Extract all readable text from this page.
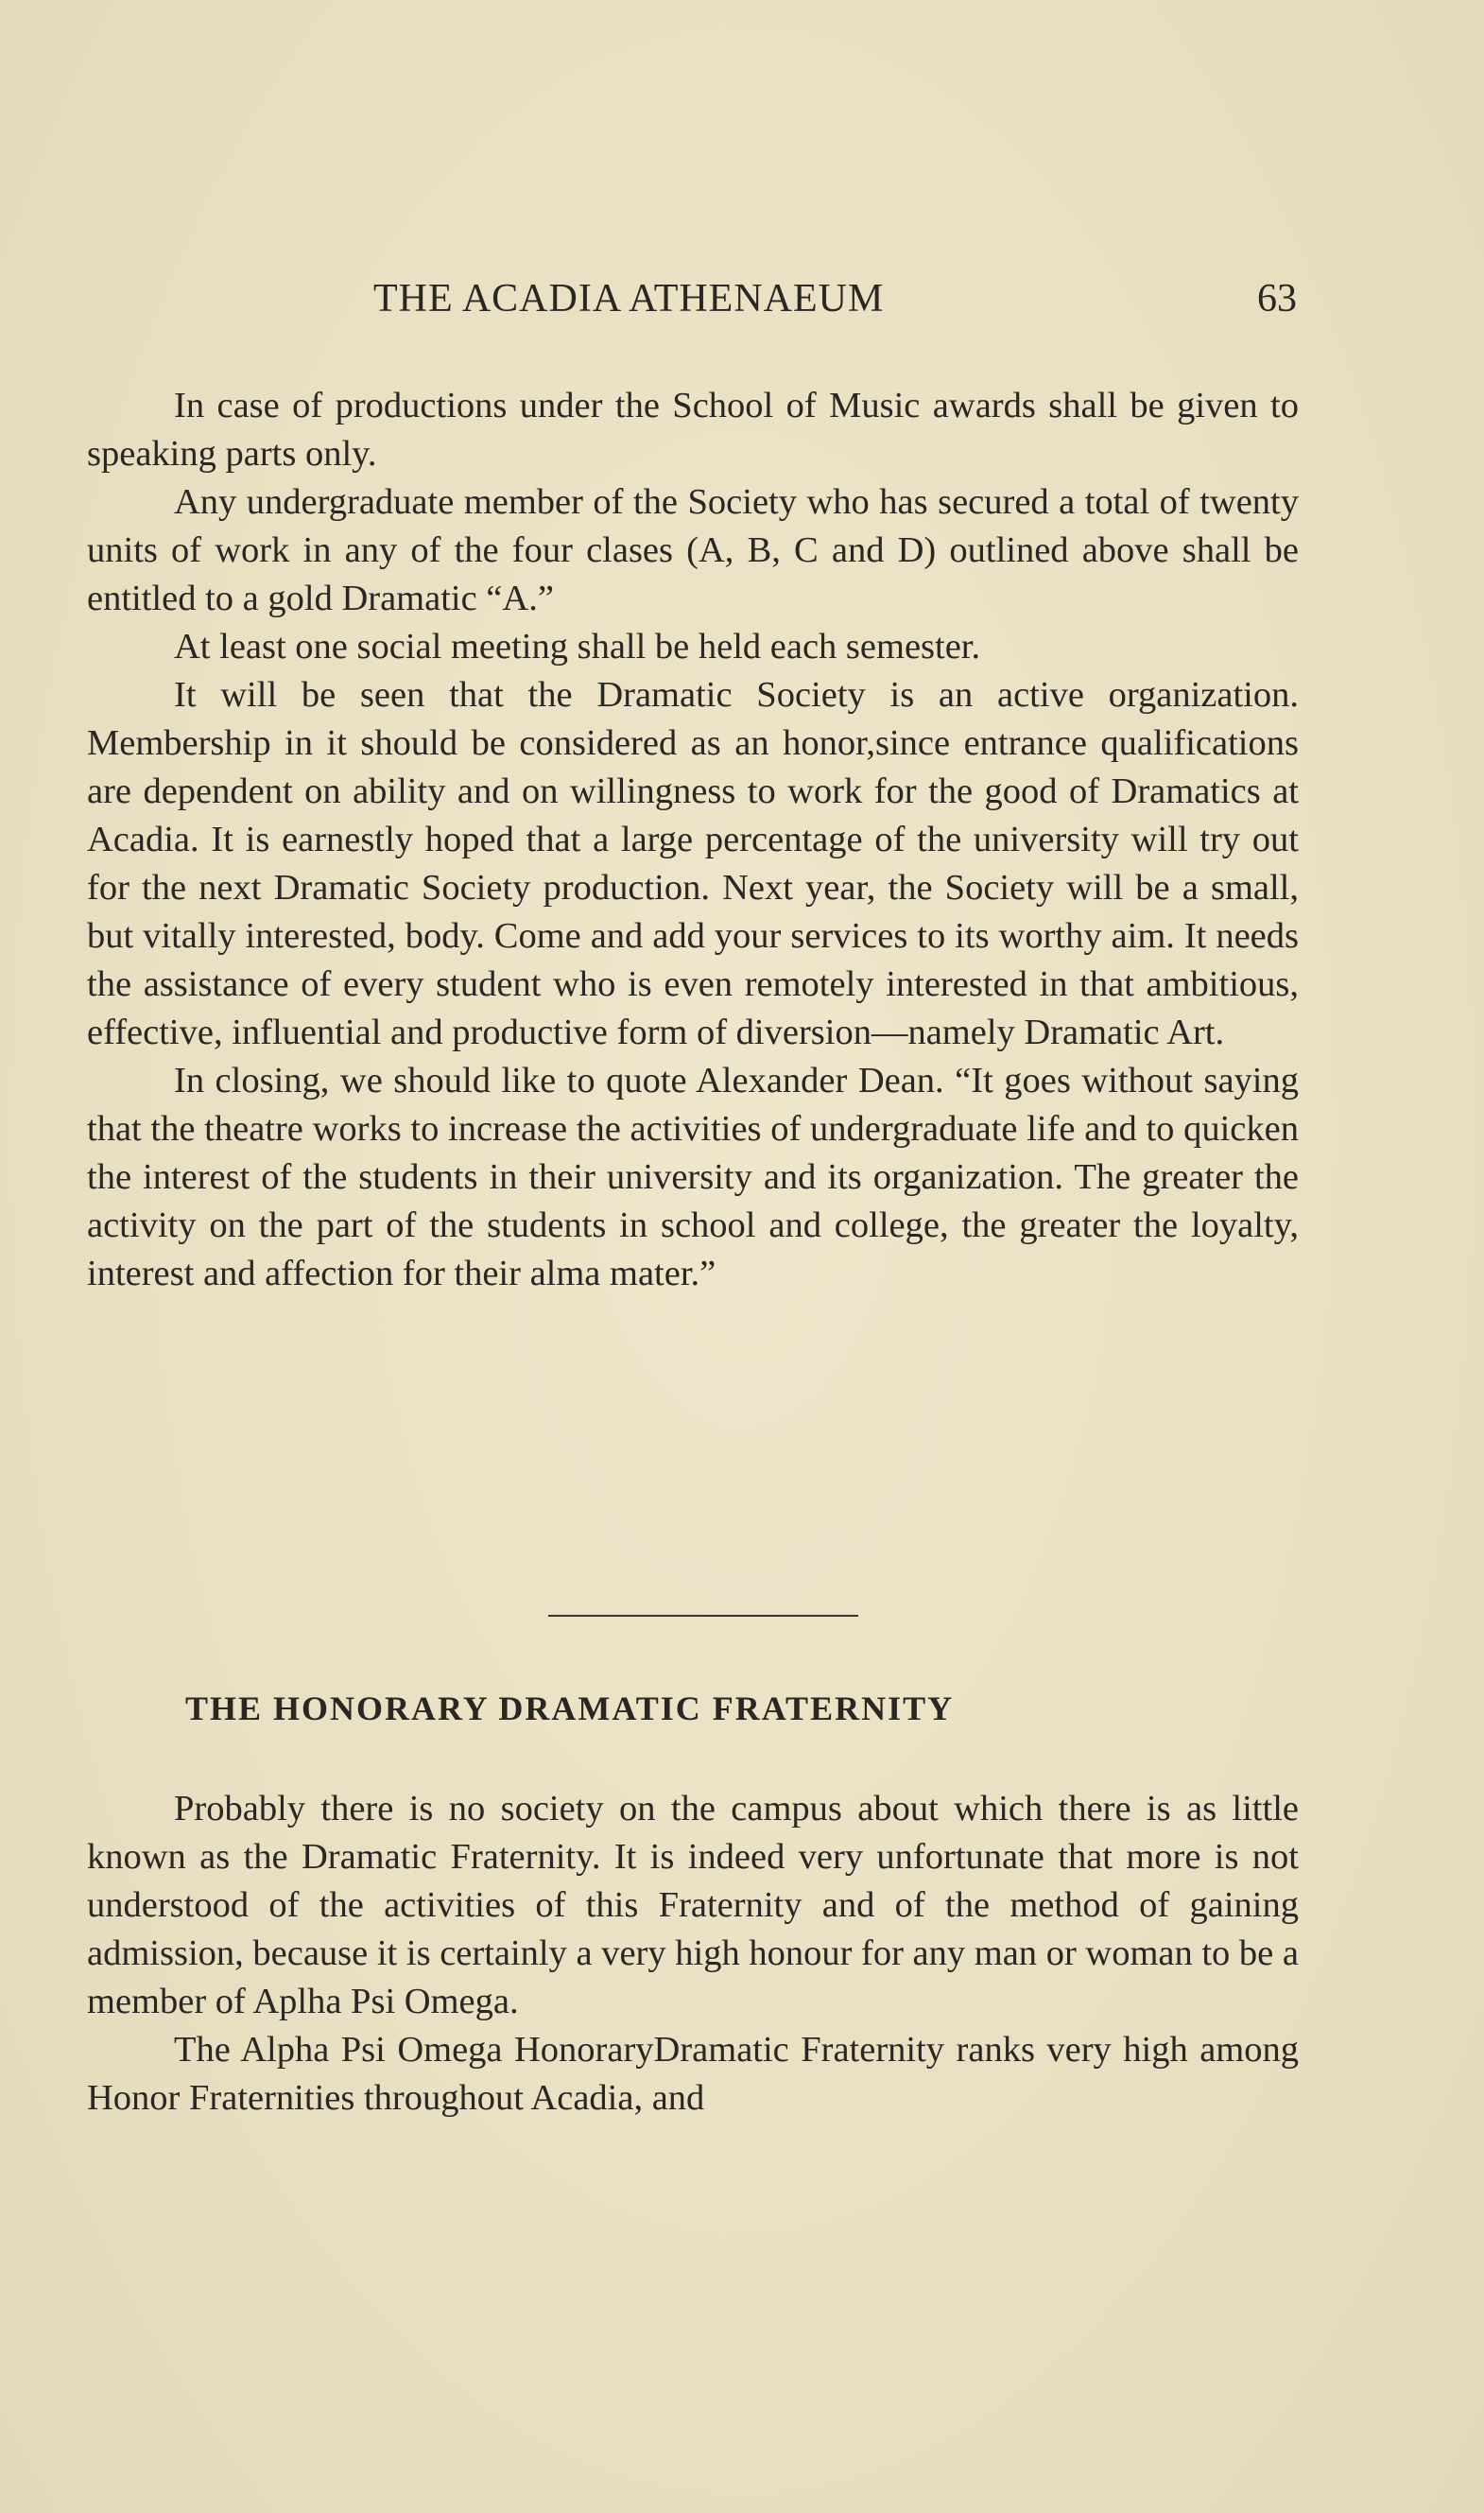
THE ACADIA ATHENAEUM	63

In case of productions under the School of Music awards shall be given to speaking parts only.

Any undergraduate member of the Society who has secured a total of twenty units of work in any of the four clases (A, B, C and D) outlined above shall be entitled to a gold Dramatic “A.”

At least one social meeting shall be held each semester.

It will be seen that the Dramatic Society is an active organization. Membership in it should be considered as an honor,since entrance qualifications are dependent on ability and on willingness to work for the good of Dramatics at Acadia. It is earnestly hoped that a large percentage of the university will try out for the next Dramatic Society production. Next year, the Society will be a small, but vitally interested, body. Come and add your services to its worthy aim. It needs the assistance of every student who is even remotely interested in that ambitious, effective, influential and productive form of diversion—namely Dramatic Art.

In closing, we should like to quote Alexander Dean. “It goes without saying that the theatre works to increase the activities of undergraduate life and to quicken the interest of the students in their university and its organization. The greater the activity on the part of the students in school and college, the greater the loyalty, interest and affection for their alma mater.”

THE HONORARY DRAMATIC FRATERNITY

Probably there is no society on the campus about which there is as little known as the Dramatic Fraternity. It is indeed very unfortunate that more is not understood of the activities of this Fraternity and of the method of gaining admission, because it is certainly a very high honour for any man or woman to be a member of Aplha Psi Omega.

The Alpha Psi Omega HonoraryDramatic Fraternity ranks very high among Honor Fraternities throughout Acadia, and
